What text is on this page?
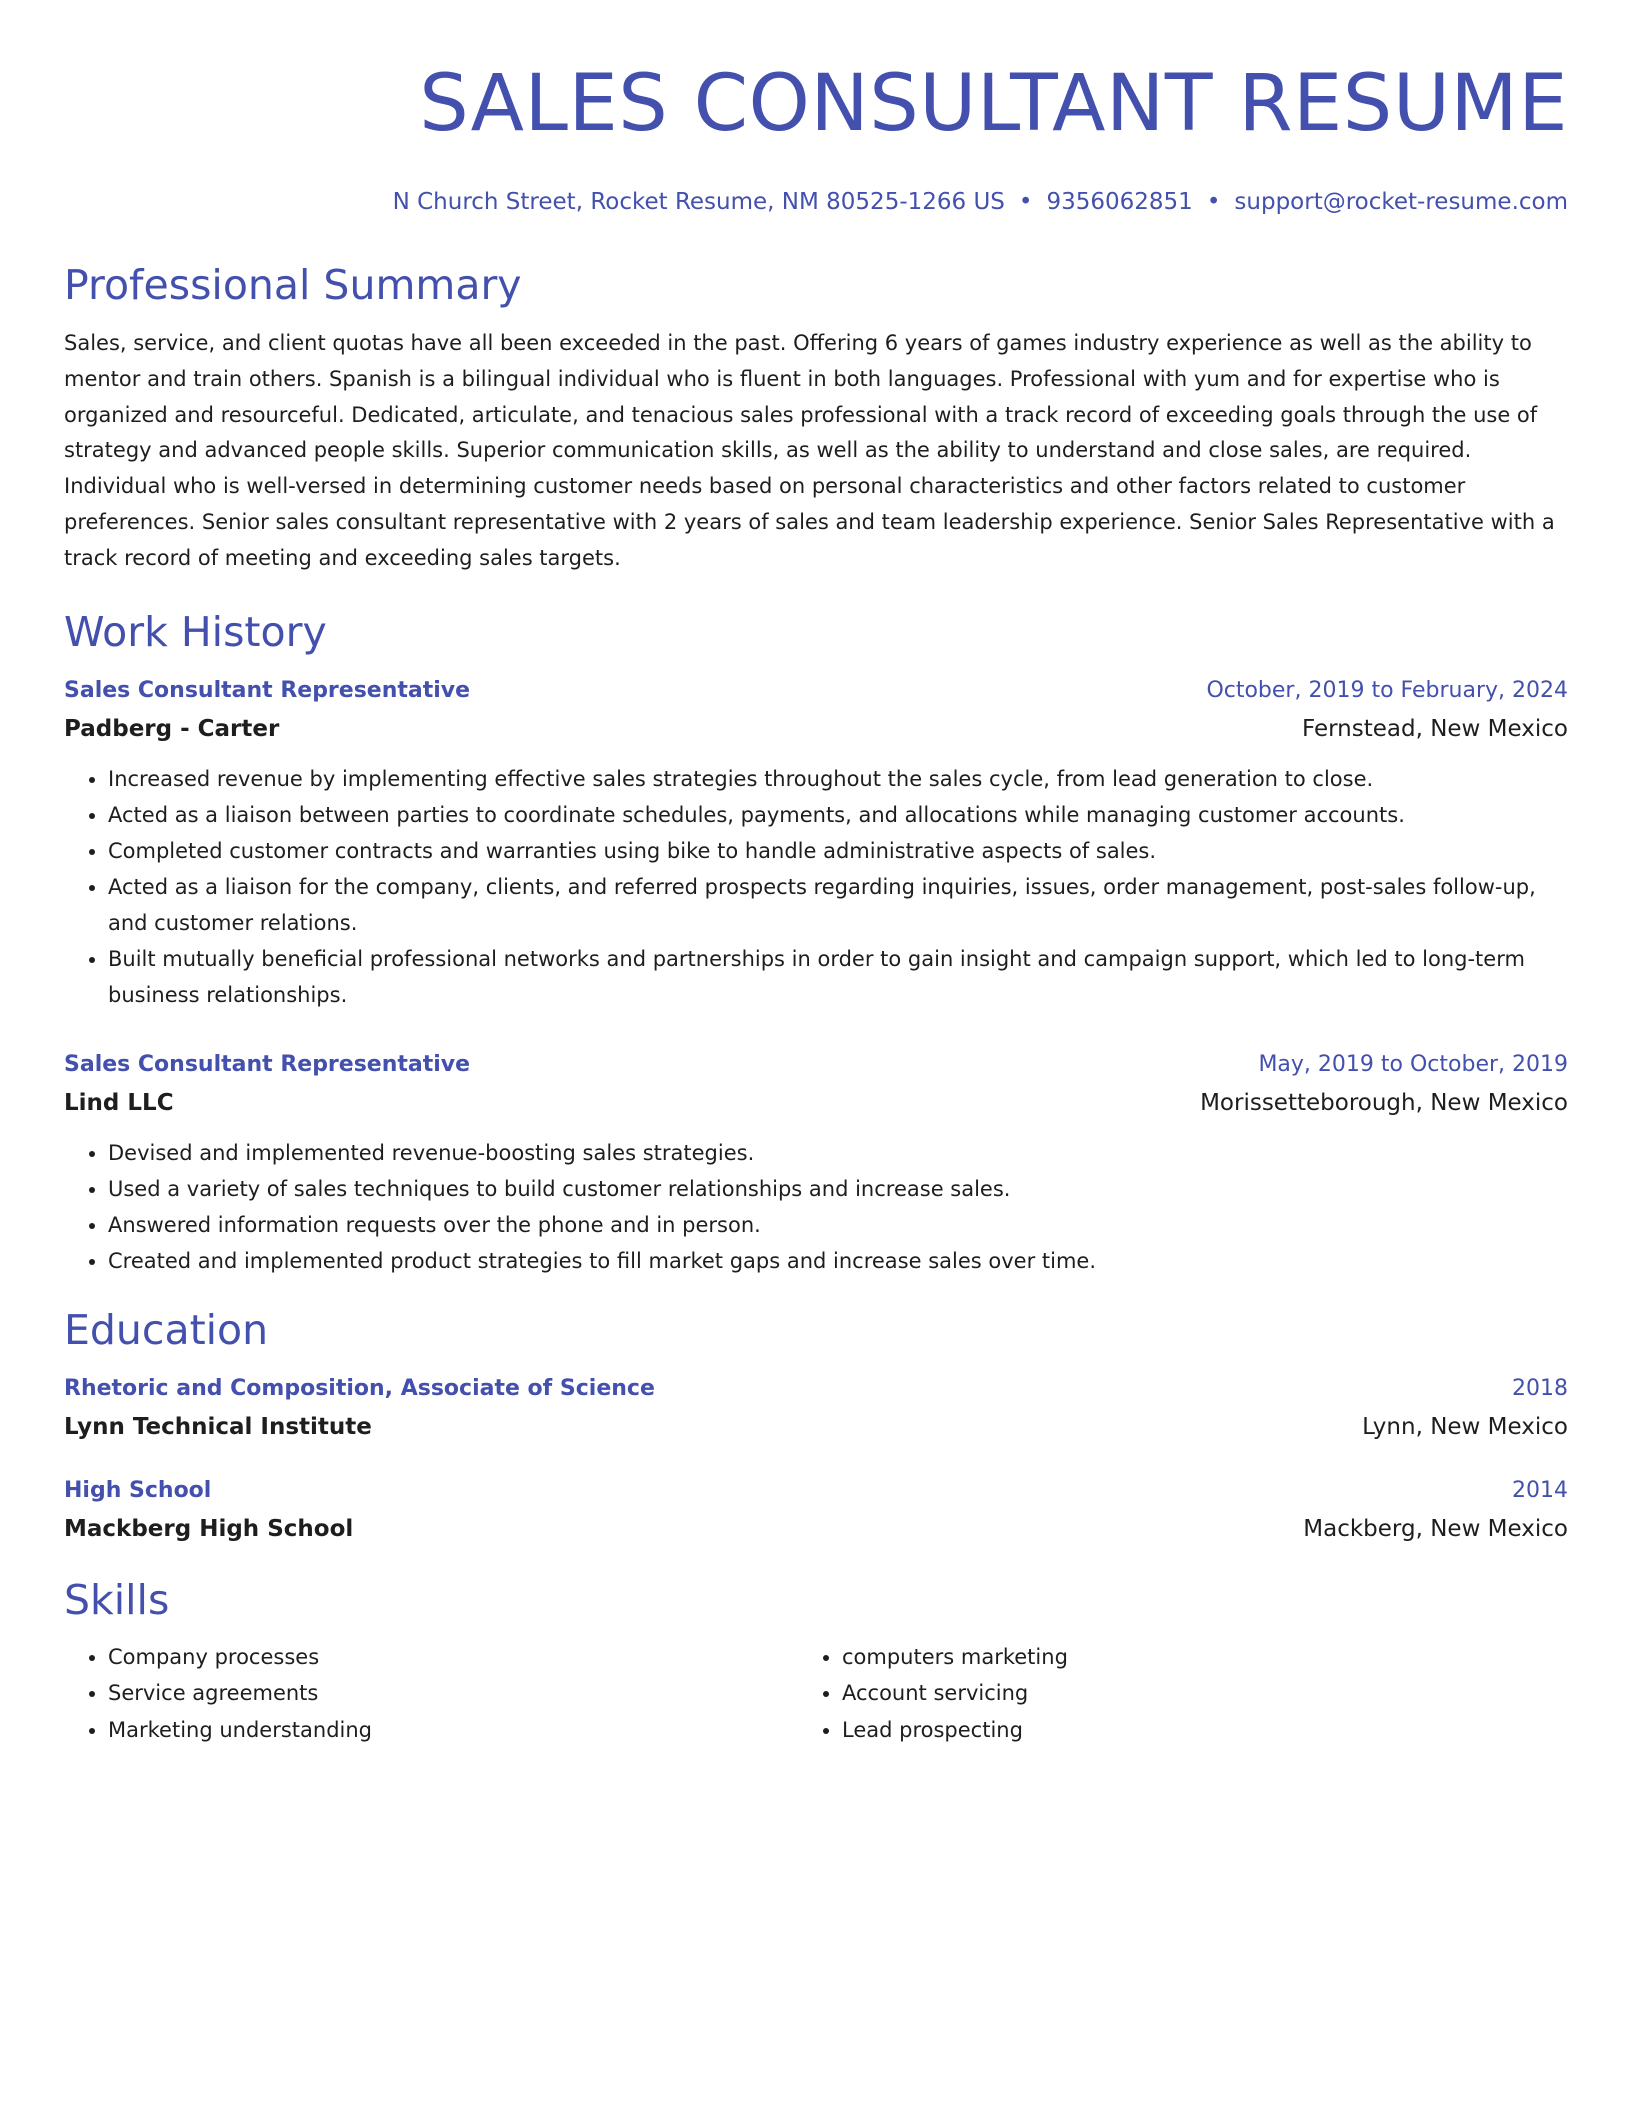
SALES CONSULTANT RESUME
N Church Street, Rocket Resume, NM 80525-1266 US • 9356062851 • support@rocket-resume.com
Professional Summary
Sales, service, and client quotas have all been exceeded in the past. Offering 6 years of games industry experience as well as the ability to mentor and train others. Spanish is a bilingual individual who is fluent in both languages. Professional with yum and for expertise who is organized and resourceful. Dedicated, articulate, and tenacious sales professional with a track record of exceeding goals through the use of strategy and advanced people skills. Superior communication skills, as well as the ability to understand and close sales, are required. Individual who is well-versed in determining customer needs based on personal characteristics and other factors related to customer preferences. Senior sales consultant representative with 2 years of sales and team leadership experience. Senior Sales Representative with a track record of meeting and exceeding sales targets.
Work History
Sales Consultant Representative	October, 2019 to February, 2024
Padberg - Carter	Fernstead, New Mexico
• Increased revenue by implementing effective sales strategies throughout the sales cycle, from lead generation to close.
• Acted as a liaison between parties to coordinate schedules, payments, and allocations while managing customer accounts.
• Completed customer contracts and warranties using bike to handle administrative aspects of sales.
• Acted as a liaison for the company, clients, and referred prospects regarding inquiries, issues, order management, post-sales follow-up, and customer relations.
• Built mutually beneficial professional networks and partnerships in order to gain insight and campaign support, which led to long-term business relationships.
Sales Consultant Representative	May, 2019 to October, 2019
Lind LLC	Morissetteborough, New Mexico
• Devised and implemented revenue-boosting sales strategies.
• Used a variety of sales techniques to build customer relationships and increase sales.
• Answered information requests over the phone and in person.
• Created and implemented product strategies to fill market gaps and increase sales over time.
Education
Rhetoric and Composition, Associate of Science	2018
Lynn Technical Institute	Lynn, New Mexico
High School	2014
Mackberg High School	Mackberg, New Mexico
Skills
• Company processes
• Service agreements
• Marketing understanding
• computers marketing
• Account servicing
• Lead prospecting
